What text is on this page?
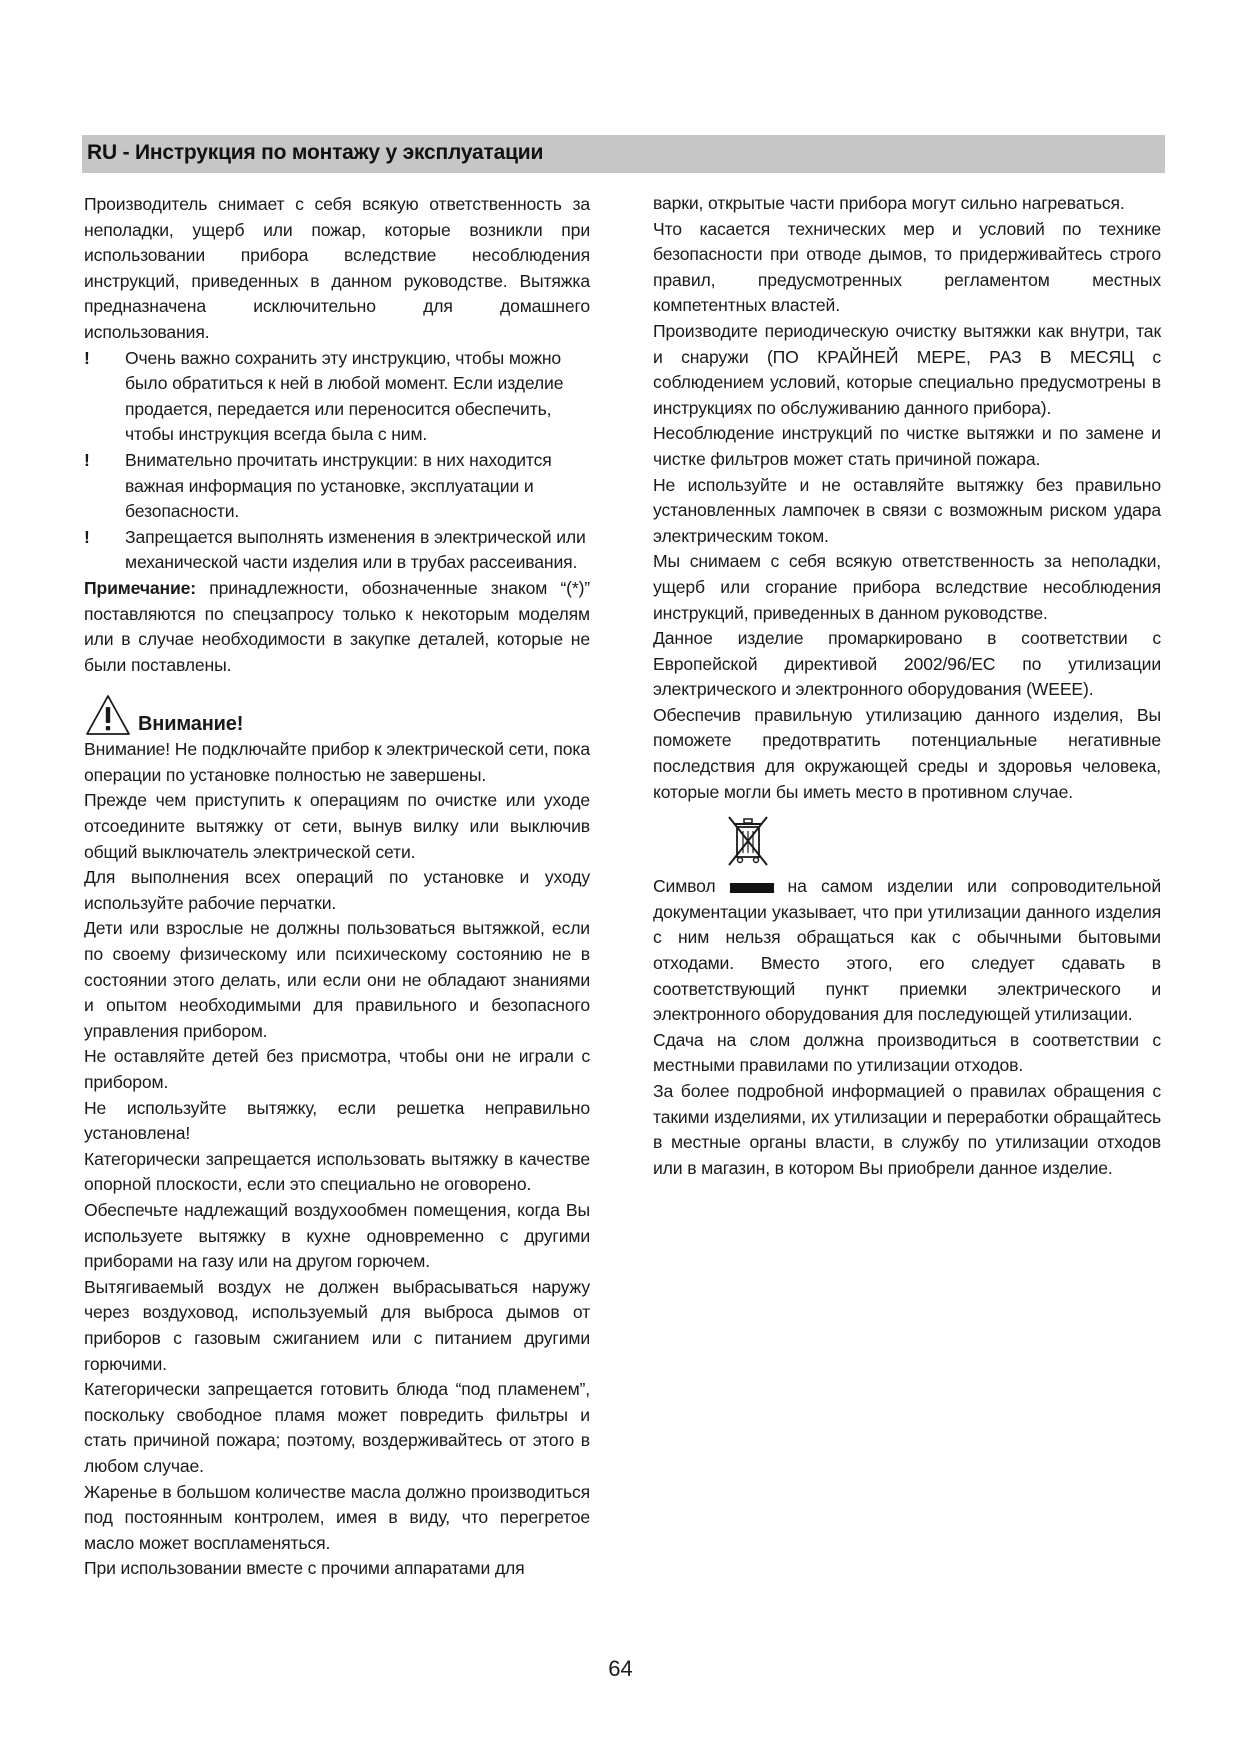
RU - Инструкция по монтажу у эксплуатации

Производитель снимает с себя всякую ответственность за неполадки, ущерб или пожар, которые возникли при использовании прибора вследствие несоблюдения инструкций, приведенных в данном руководстве. Вытяжка предназначена исключительно для домашнего использования.

! Очень важно сохранить эту инструкцию, чтобы можно было обратиться к ней в любой момент. Если изделие продается, передается или переносится обеспечить, чтобы инструкция всегда была с ним.

! Внимательно прочитать инструкции: в них находится важная информация по установке, эксплуатации и безопасности.

! Запрещается выполнять изменения в электрической или механической части изделия или в трубах рассеивания.

Примечание: принадлежности, обозначенные знаком “(*)” поставляются по спецзапросу только к некоторым моделям или в случае необходимости в закупке деталей, которые не были поставлены.

Внимание!

Внимание! Не подключайте прибор к электрической сети, пока операции по установке полностью не завершены.

Прежде чем приступить к операциям по очистке или уходе отсоедините вытяжку от сети, вынув вилку или выключив общий выключатель электрической сети.

Для выполнения всех операций по установке и уходу используйте рабочие перчатки.

Дети или взрослые не должны пользоваться вытяжкой, если по своему физическому или психическому состоянию не в состоянии этого делать, или если они не обладают знаниями и опытом необходимыми для правильного и безопасного управления прибором.

Не оставляйте детей без присмотра, чтобы они не играли с прибором.

Не используйте вытяжку, если решетка неправильно установлена!

Категорически запрещается использовать вытяжку в качестве опорной плоскости, если это специально не оговорено.

Обеспечьте надлежащий воздухообмен помещения, когда Вы используете вытяжку в кухне одновременно с другими приборами на газу или на другом горючем.

Вытягиваемый воздух не должен выбрасываться наружу через воздуховод, используемый для выброса дымов от приборов с газовым сжиганием или с питанием другими горючими.

Категорически запрещается готовить блюда “под пламенем”, поскольку свободное пламя может повредить фильтры и стать причиной пожара; поэтому, воздерживайтесь от этого в любом случае.

Жаренье в большом количестве масла должно производиться под постоянным контролем, имея в виду, что перегретое масло может воспламеняться.

При использовании вместе с прочими аппаратами для

варки, открытые части прибора могут сильно нагреваться.

Что касается технических мер и условий по технике безопасности при отводе дымов, то придерживайтесь строго правил, предусмотренных регламентом местных компетентных властей.

Производите периодическую очистку вытяжки как внутри, так и снаружи (ПО КРАЙНЕЙ МЕРЕ, РАЗ В МЕСЯЦ с соблюдением условий, которые специально предусмотрены в инструкциях по обслуживанию данного прибора).

Несоблюдение инструкций по чистке вытяжки и по замене и чистке фильтров может стать причиной пожара.

Не используйте и не оставляйте вытяжку без правильно установленных лампочек в связи с возможным риском удара электрическим током.

Мы снимаем с себя всякую ответственность за неполадки, ущерб или сгорание прибора вследствие несоблюдения инструкций, приведенных в данном руководстве.

Данное изделие промаркировано в соответствии с Европейской директивой 2002/96/EC по утилизации электрического и электронного оборудования (WEEE).

Обеспечив правильную утилизацию данного изделия, Вы поможете предотвратить потенциальные негативные последствия для окружающей среды и здоровья человека, которые могли бы иметь место в противном случае.

Символ	на самом изделии или сопроводительной документации указывает, что при утилизации данного изделия с ним нельзя обращаться как с обычными бытовыми отходами. Вместо этого, его следует сдавать в соответствующий пункт приемки электрического и электронного оборудования для последующей утилизации.

Сдача на слом должна производиться в соответствии с местными правилами по утилизации отходов.

За более подробной информацией о правилах обращения с такими изделиями, их утилизации и переработки обращайтесь в местные органы власти, в службу по утилизации отходов или в магазин, в котором Вы приобрели данное изделие.

64
